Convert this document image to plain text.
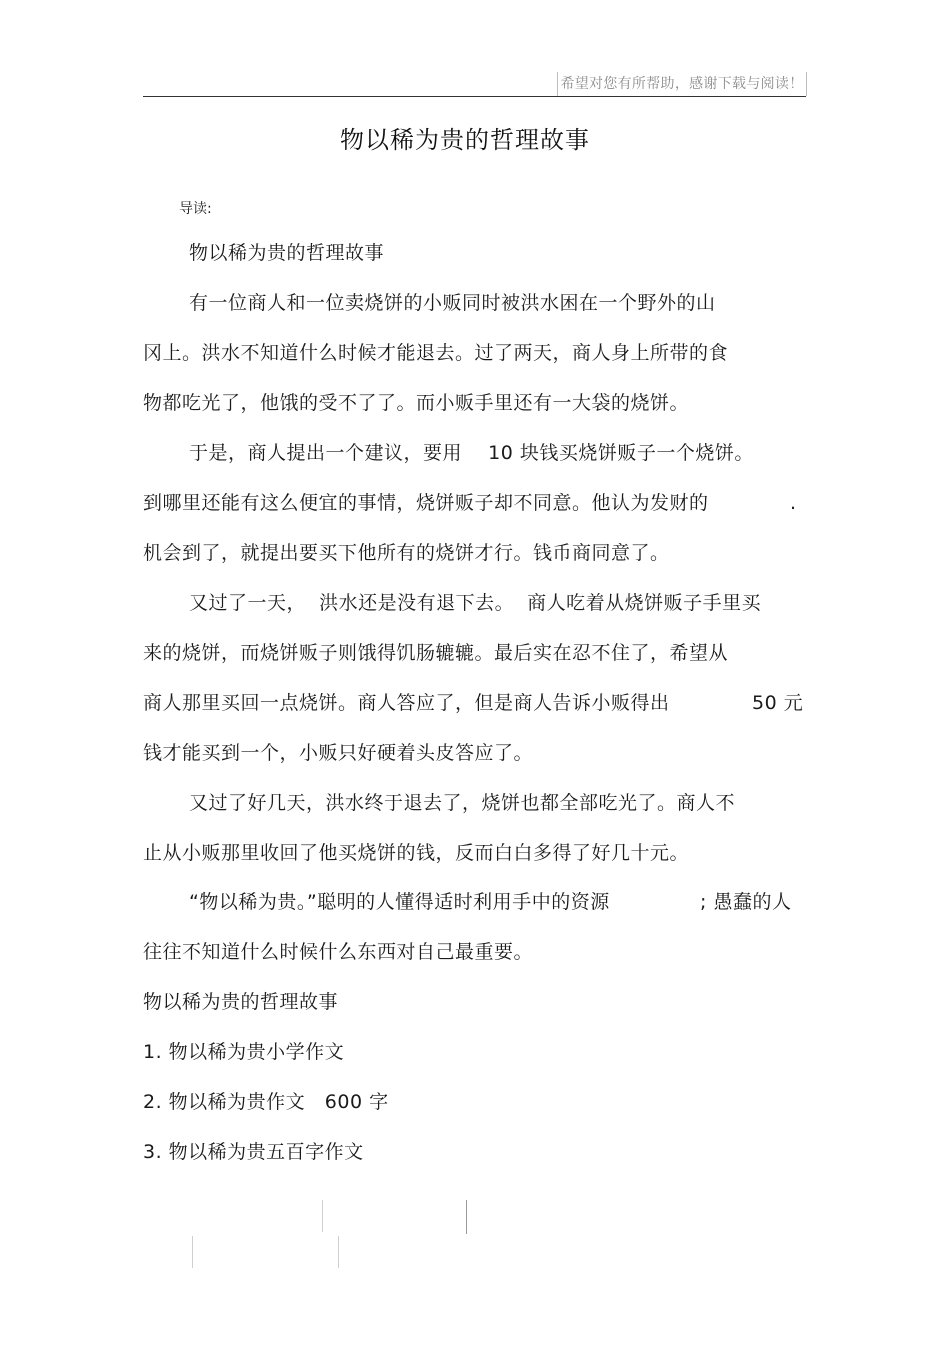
希望对您有所帮助，感谢下载与阅读！
物以稀为贵的哲理故事
导读:
物以稀为贵的哲理故事
有一位商人和一位卖烧饼的小贩同时被洪水困在一个野外的山
冈上。洪水不知道什么时候才能退去。过了两天，商人身上所带的食
物都吃光了，他饿的受不了了。而小贩手里还有一大袋的烧饼。
于是，商人提出一个建议，要用    10 块钱买烧饼贩子一个烧饼。
到哪里还能有这么便宜的事情，烧饼贩子却不同意。他认为发财的	.
机会到了，就提出要买下他所有的烧饼才行。钱币商同意了。
又过了一天，  洪水还是没有退下去。  商人吃着从烧饼贩子手里买
来的烧饼，而烧饼贩子则饿得饥肠辘辘。最后实在忍不住了，希望从
商人那里买回一点烧饼。商人答应了，但是商人告诉小贩得出	50 元
钱才能买到一个，小贩只好硬着头皮答应了。
又过了好几天，洪水终于退去了，烧饼也都全部吃光了。商人不
止从小贩那里收回了他买烧饼的钱，反而白白多得了好几十元。
“物以稀为贵。”聪明的人懂得适时利用手中的资源	; 愚蠢的人
往往不知道什么时候什么东西对自己最重要。
物以稀为贵的哲理故事
1. 物以稀为贵小学作文
2. 物以稀为贵作文   600 字
3. 物以稀为贵五百字作文
